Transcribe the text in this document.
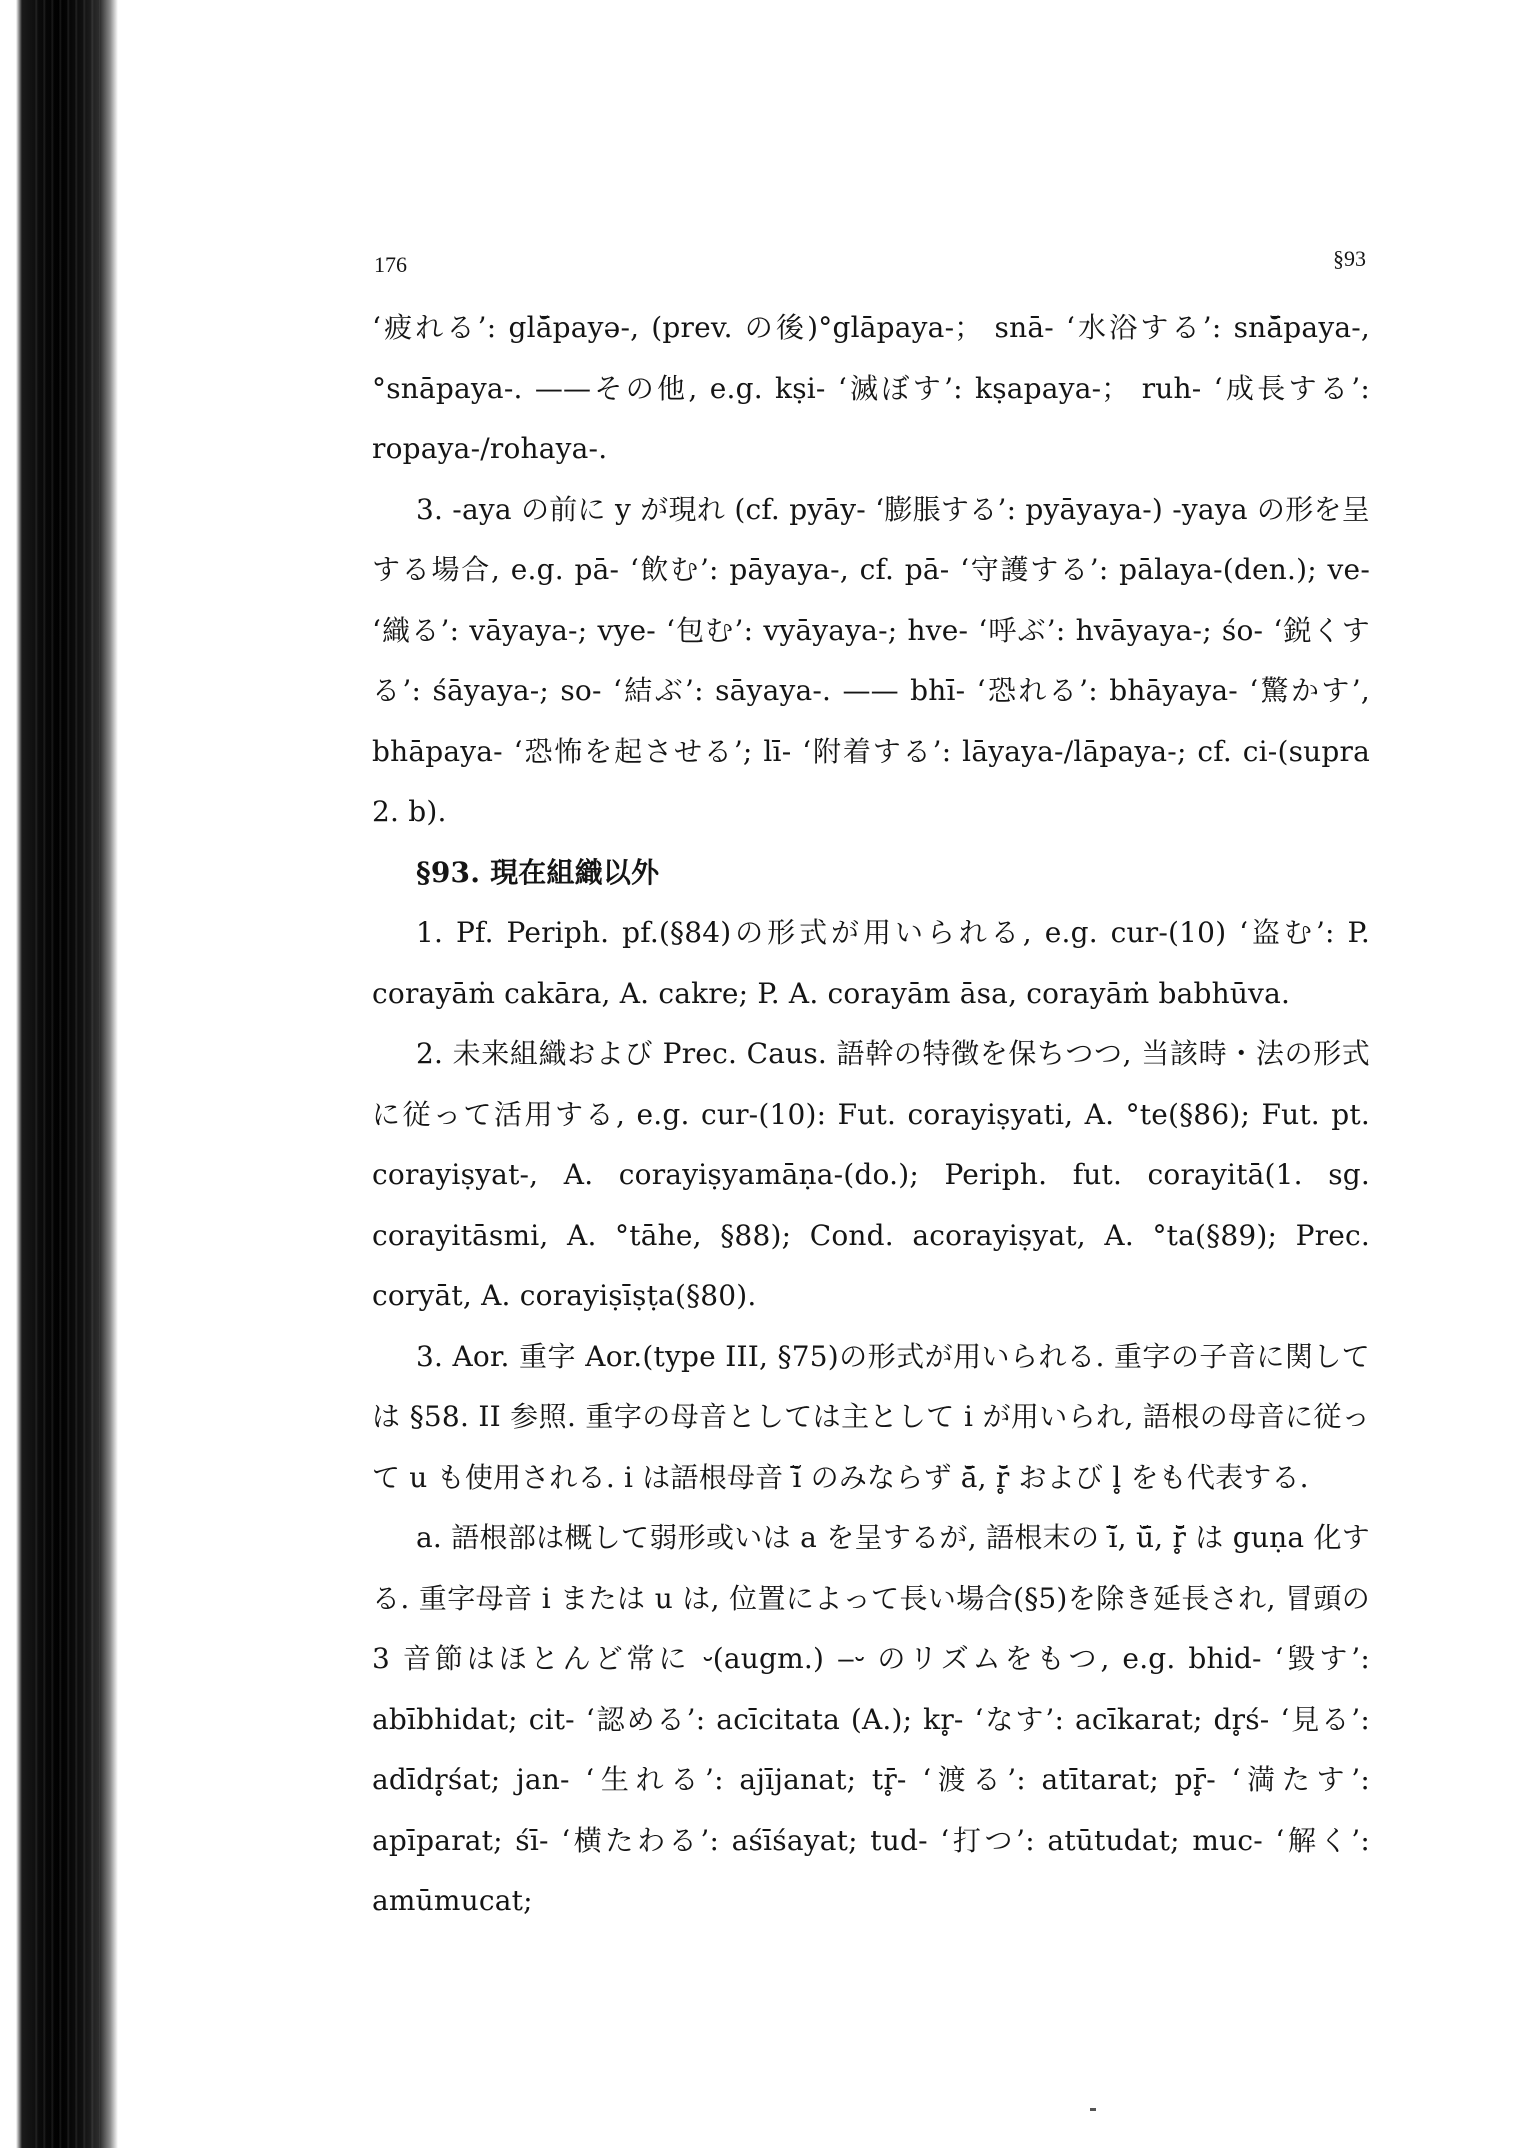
176	§93

‘疲れる’: glă̄payə-, (prev. の後)°glāpaya-； snā- ‘水浴する’: snă̄paya-, °snāpaya-. ——その他, e.g. kṣi- ‘滅ぼす’: kṣapaya-； ruh- ‘成長する’: ropaya-/rohaya-.

3. -aya の前に y が現れ (cf. pyāy- ‘膨脹する’: pyāyaya-) -yaya の形を呈する場合, e.g. pā- ‘飲む’: pāyaya-, cf. pā- ‘守護する’: pālaya-(den.); ve- ‘織る’: vāyaya-; vye- ‘包む’: vyāyaya-; hve- ‘呼ぶ’: hvāyaya-; śo- ‘鋭くする’: śāyaya-; so- ‘結ぶ’: sāyaya-. —— bhī- ‘恐れる’: bhāyaya- ‘驚かす’, bhāpaya- ‘恐怖を起させる’; lī- ‘附着する’: lāyaya-/lāpaya-; cf. ci-(supra 2. b).

§93. 現在組織以外

1. Pf. Periph. pf.(§84)の形式が用いられる, e.g. cur-(10) ‘盗む’: P. corayāṁ cakāra, A. cakre; P. A. corayām āsa, corayāṁ babhūva.

2. 未来組織および Prec. Caus. 語幹の特徴を保ちつつ, 当該時・法の形式に従って活用する, e.g. cur-(10): Fut. corayiṣyati, A. °te(§86); Fut. pt. corayiṣyat-, A. corayiṣyamāṇa-(do.); Periph. fut. corayitā(1. sg. corayitāsmi, A. °tāhe, §88); Cond. acorayiṣyat, A. °ta(§89); Prec. coryāt, A. corayiṣīṣṭa(§80).

3. Aor. 重字 Aor.(type III, §75)の形式が用いられる. 重字の子音に関しては §58. II 参照. 重字の母音としては主として i が用いられ, 語根の母音に従って u も使用される. i は語根母音 ĭ̄ のみならず ă̄, r̥̆̄ および l̥ をも代表する.

a. 語根部は概して弱形或いは a を呈するが, 語根末の ĭ̄, ŭ̄, r̥̆̄ は guṇa 化する. 重字母音 i または u は, 位置によって長い場合(§5)を除き延長され, 冒頭の 3 音節はほとんど常に ⏑(augm.) ‒⏑ のリズムをもつ, e.g. bhid- ‘毀す’: abībhidat; cit- ‘認める’: acīcitata (A.); kr̥- ‘なす’: acīkarat; dr̥ś- ‘見る’: adīdr̥śat; jan- ‘生れる’: ajījanat; tr̥̄- ‘渡る’: atītarat; pr̥̄- ‘満たす’: apīparat; śī- ‘横たわる’: aśīśayat; tud- ‘打つ’: atūtudat; muc- ‘解く’: amūmucat;
